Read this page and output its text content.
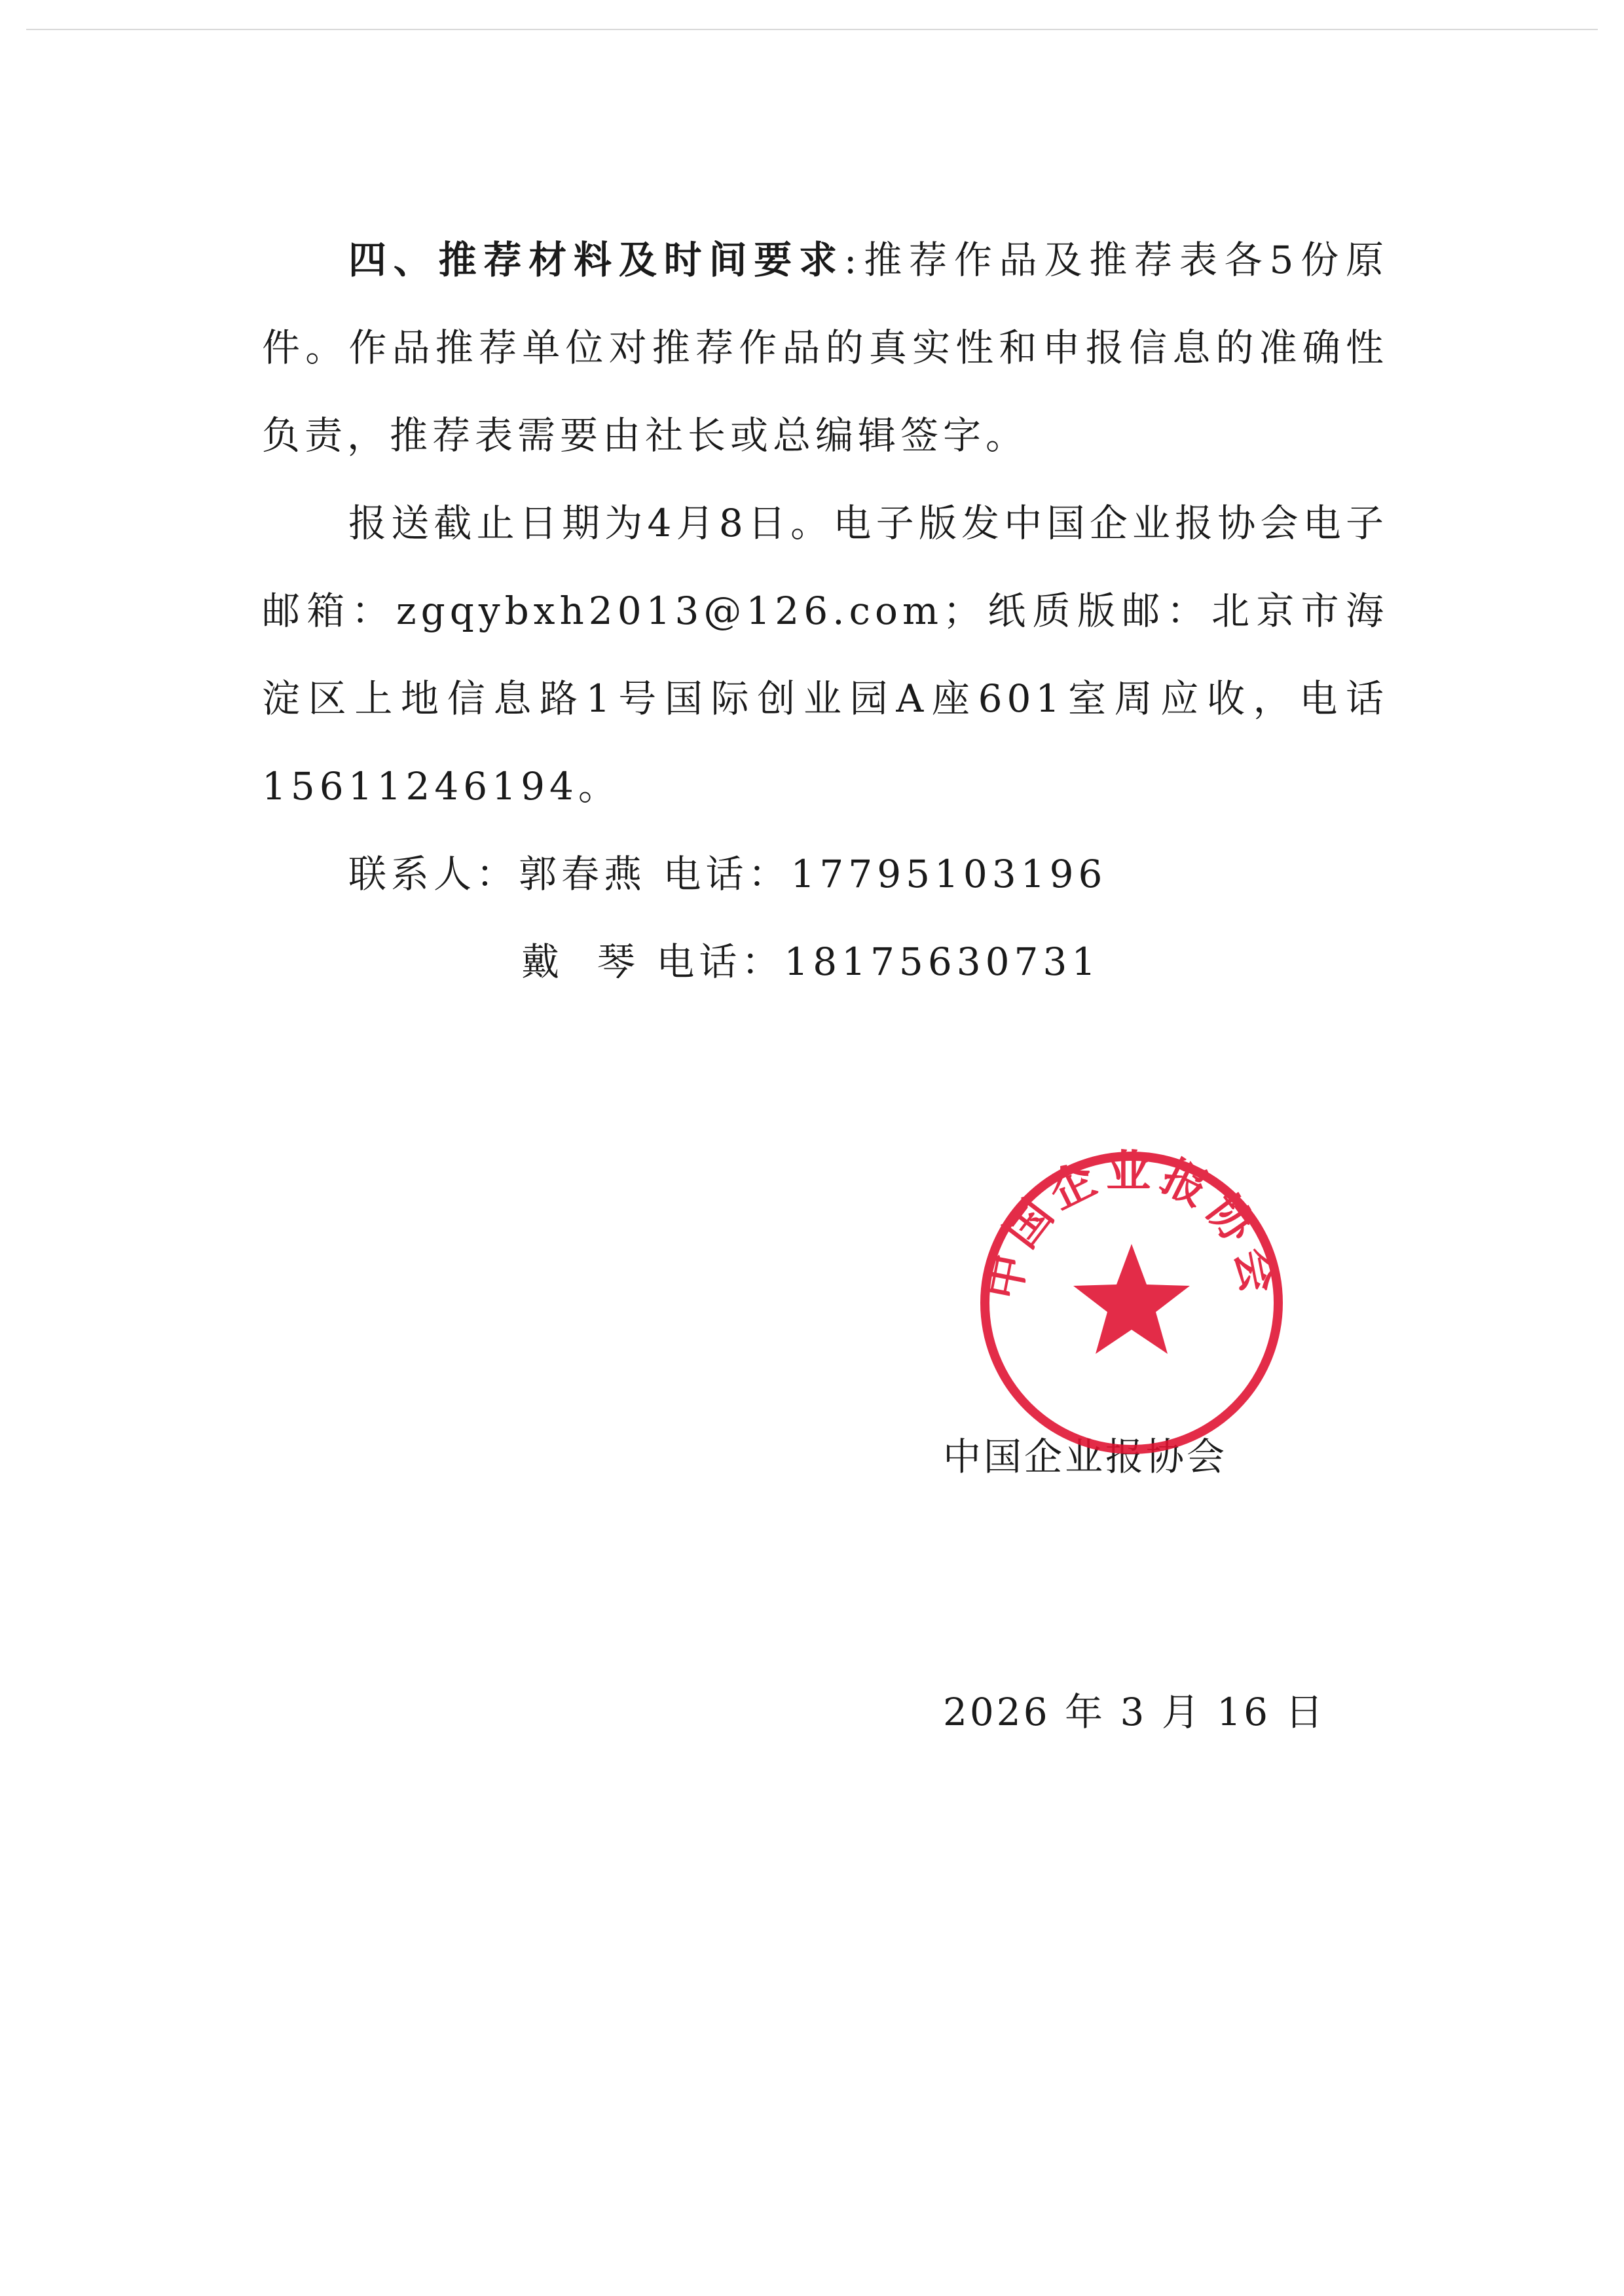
四、推荐材料及时间要求:推荐作品及推荐表各5份原件。作品推荐单位对推荐作品的真实性和申报信息的准确性负责，推荐表需要由社长或总编辑签字。

报送截止日期为4月8日。电子版发中国企业报协会电子邮箱：zgqybxh2013@126.com；纸质版邮：北京市海淀区上地信息路1号国际创业园A座601室周应收，电话15611246194。

联系人：郭春燕 电话：17795103196

戴  琴 电话：18175630731

中国企业报协会

2026 年 3 月 16 日

中国企业报协会
